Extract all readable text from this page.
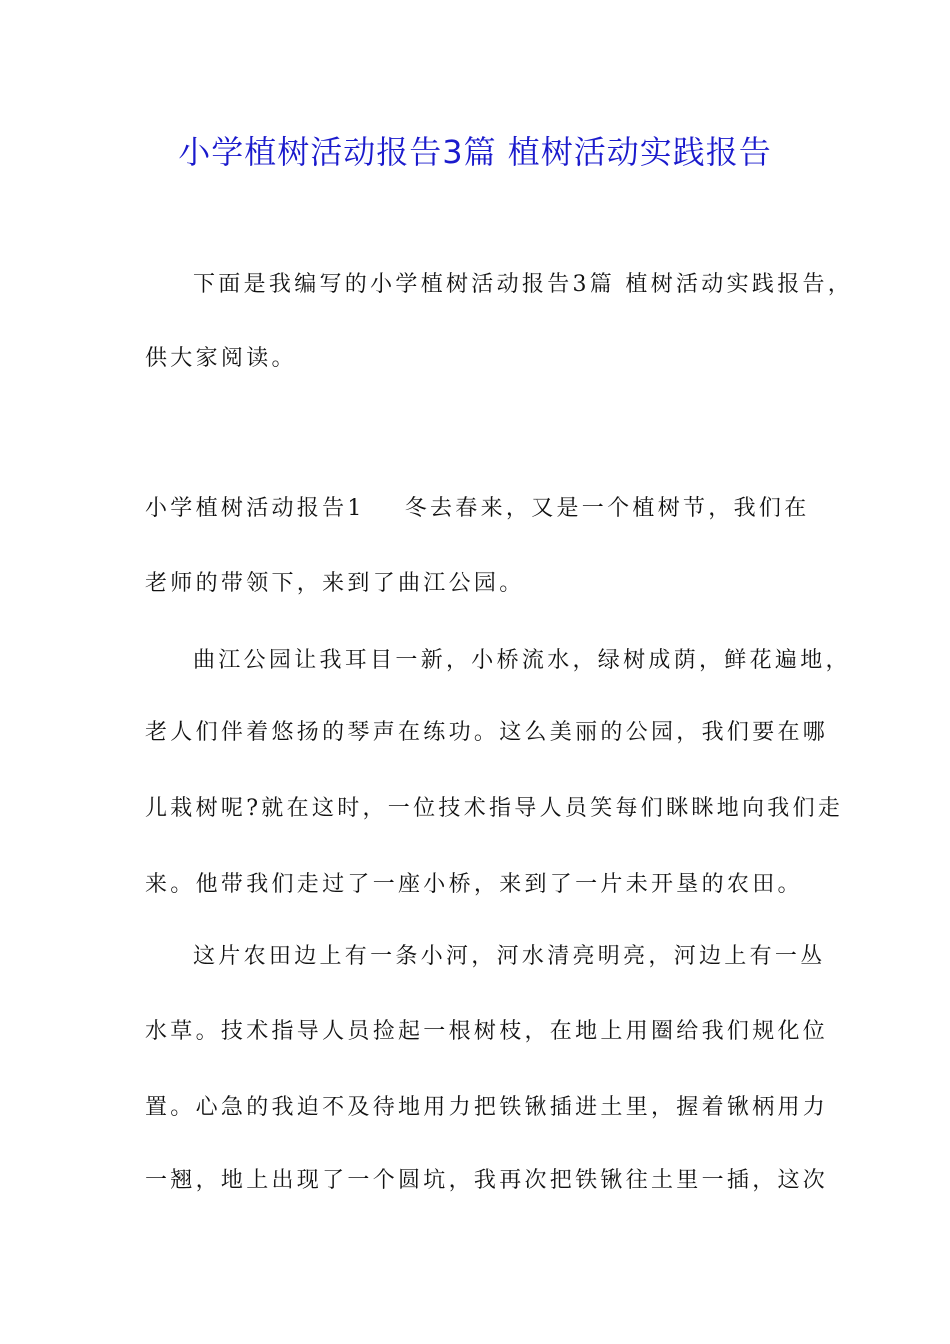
小学植树活动报告3篇 植树活动实践报告
下面是我编写的小学植树活动报告3篇 植树活动实践报告，
供大家阅读。
小学植树活动报告1 冬去春来，又是一个植树节，我们在
老师的带领下，来到了曲江公园。
曲江公园让我耳目一新，小桥流水，绿树成荫，鲜花遍地，
老人们伴着悠扬的琴声在练功。这么美丽的公园，我们要在哪
儿栽树呢?就在这时，一位技术指导人员笑每们眯眯地向我们走
来。他带我们走过了一座小桥，来到了一片未开垦的农田。
这片农田边上有一条小河，河水清亮明亮，河边上有一丛
水草。技术指导人员捡起一根树枝，在地上用圈给我们规化位
置。心急的我迫不及待地用力把铁锹插进土里，握着锹柄用力
一翘，地上出现了一个圆坑，我再次把铁锹往土里一插，这次
